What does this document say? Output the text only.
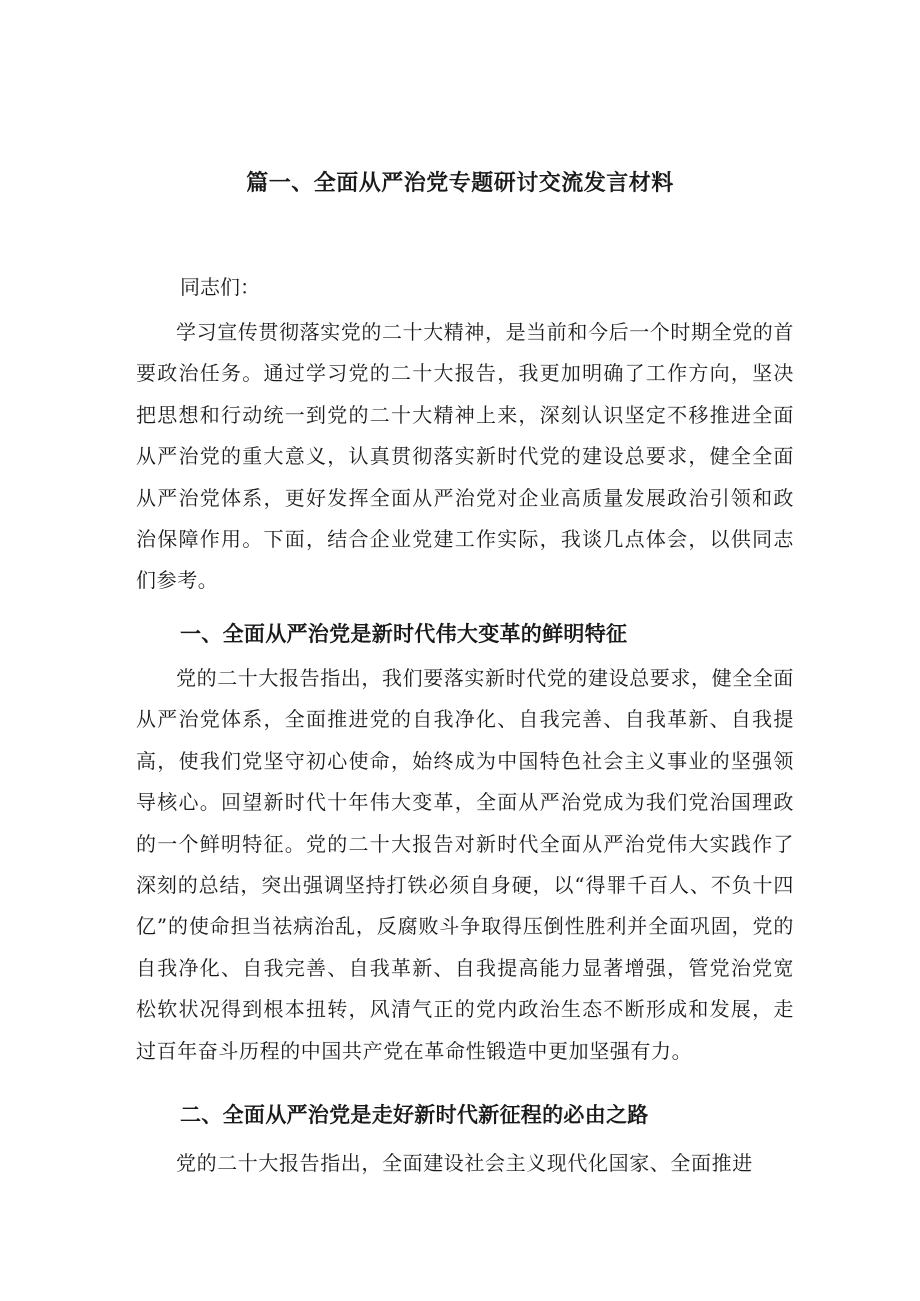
篇一、全面从严治党专题研讨交流发言材料

同志们：

学习宣传贯彻落实党的二十大精神，是当前和今后一个时期全党的首要政治任务。通过学习党的二十大报告，我更加明确了工作方向，坚决把思想和行动统一到党的二十大精神上来，深刻认识坚定不移推进全面从严治党的重大意义，认真贯彻落实新时代党的建设总要求，健全全面从严治党体系，更好发挥全面从严治党对企业高质量发展政治引领和政治保障作用。下面，结合企业党建工作实际，我谈几点体会，以供同志们参考。

一、全面从严治党是新时代伟大变革的鲜明特征

党的二十大报告指出，我们要落实新时代党的建设总要求，健全全面从严治党体系，全面推进党的自我净化、自我完善、自我革新、自我提高，使我们党坚守初心使命，始终成为中国特色社会主义事业的坚强领导核心。回望新时代十年伟大变革，全面从严治党成为我们党治国理政的一个鲜明特征。党的二十大报告对新时代全面从严治党伟大实践作了深刻的总结，突出强调坚持打铁必须自身硬，以“得罪千百人、不负十四亿”的使命担当祛病治乱，反腐败斗争取得压倒性胜利并全面巩固，党的自我净化、自我完善、自我革新、自我提高能力显著增强，管党治党宽松软状况得到根本扭转，风清气正的党内政治生态不断形成和发展，走过百年奋斗历程的中国共产党在革命性锻造中更加坚强有力。

二、全面从严治党是走好新时代新征程的必由之路

党的二十大报告指出，全面建设社会主义现代化国家、全面推进
